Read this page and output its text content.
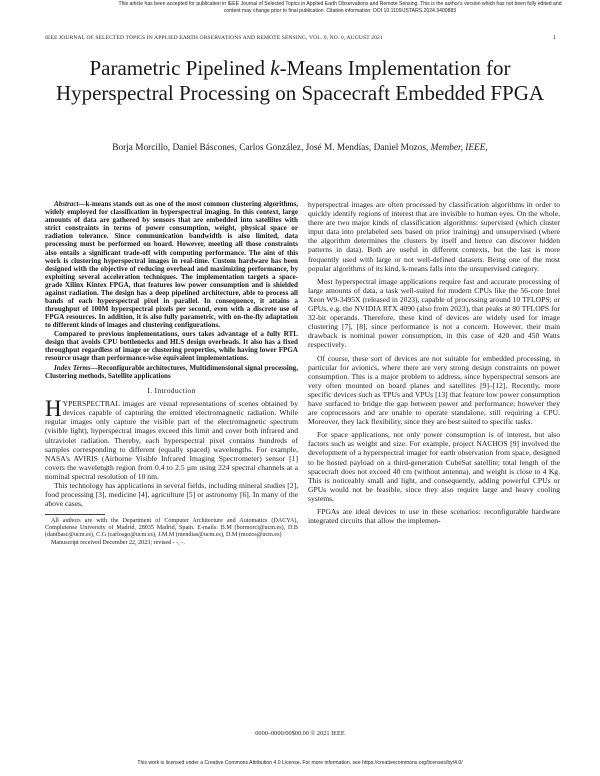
This article has been accepted for publication in IEEE Journal of Selected Topics in Applied Earth Observations and Remote Sensing. This is the author's version which has not been fully edited and
content may change prior to final publication. Citation information: DOI 10.1109/JSTARS.2024.3400883
IEEE JOURNAL OF SELECTED TOPICS IN APPLIED EARTH OBSERVATIONS AND REMOTE SENSING, VOL. 0, NO. 0, AUGUST 2021	1
Parametric Pipelined k-Means Implementation for Hyperspectral Processing on Spacecraft Embedded FPGA
Borja Morcillo, Daniel Báscones, Carlos González, José M. Mendías, Daniel Mozos, Member, IEEE,

Abstract—k-means stands out as one of the most common clustering algorithms, widely employed for classification in hyperspectral imaging. In this context, large amounts of data are gathered by sensors that are embedded into satellites with strict constraints in terms of power consumption, weight, physical space or radiation tolerance. Since communication bandwidth is also limited, data processing must be performed on board. However, meeting all those constraints also entails a significant trade-off with computing performance. The aim of this work is clustering hyperspectral images in real-time. Custom hardware has been designed with the objective of reducing overhead and maximizing performance, by exploiting several acceleration techniques. The implementation targets a space-grade Xilinx Kintex FPGA, that features low power consumption and is shielded against radiation. The design has a deep pipelined architecture, able to process all bands of each hyperspectral pixel in parallel. In consequence, it attains a throughput of 100M hyperspectral pixels per second, even with a discrete use of FPGA resources. In addition, it is also fully parametric, with on-the-fly adaptation to different kinds of images and clustering configurations.

Compared to previous implementations, ours takes advantage of a fully RTL design that avoids CPU bottlenecks and HLS design overheads. It also has a fixed throughput regardless of image or clustering properties, while having lower FPGA resource usage than performance-wise equivalent implementations.

Index Terms—Reconfigurable architectures, Multidimensional signal processing, Clustering methods, Satellite applications

I. Introduction

HYPERSPECTRAL images are visual representations of scenes obtained by devices capable of capturing the emitted electromagnetic radiation. While regular images only capture the visible part of the electromagnetic spectrum (visible light), hyperspectral images exceed this limit and cover both infrared and ultraviolet radiation. Thereby, each hyperspectral pixel contains hundreds of samples corresponding to different (equally spaced) wavelengths. For example, NASA's AVIRIS (Airborne Visible Infrared Imaging Spectrometer) sensor [1] covers the wavelength region from 0.4 to 2.5 μm using 224 spectral channels at a nominal spectral resolution of 10 nm.

This technology has applications in several fields, including mineral studies [2], food processing [3], medicine [4], agriculture [5] or astronomy [6]. In many of the above cases,

All authors are with the Department of Computer Architecture and Automatics (DACYA), Complutense University of Madrid, 28035 Madrid, Spain. E-mails: B.M (bormorci@ucm.es), D.B (danibasc@ucm.es), C.G (carlosgo@ucm.es), J.M.M (mendias@ucm.es), D.M (mozos@ucm.es)

Manuscript received December 22, 2023; revised - -, -.

hyperspectral images are often processed by classification algorithms in order to quickly identify regions of interest that are invisible to human eyes. On the whole, there are two major kinds of classification algorithms: supervised (which cluster input data into prelabeled sets based on prior training) and unsupervised (where the algorithm determines the clusters by itself and hence can discover hidden patterns in data). Both are useful in different contexts, but the last is more frequently used with large or not well-defined datasets. Being one of the most popular algorithms of its kind, k-means falls into the unsupervised category.

Most hyperspectral image applications require fast and accurate processing of large amounts of data, a task well-suited for modern CPUs like the 56-core Intel Xeon W9-3495X (released in 2023), capable of processing around 10 TFLOPS; or GPUs, e.g. the NVIDIA RTX 4090 (also from 2023), that peaks at 80 TFLOPS for 32-bit operands. Therefore, these kind of devices are widely used for image clustering [7], [8], since performance is not a concern. However, their main drawback is nominal power consumption, in this case of 420 and 450 Watts respectively.

Of course, these sort of devices are not suitable for embedded processing, in particular for avionics, where there are very strong design constraints on power consumption. This is a major problem to address, since hyperspectral sensors are very often mounted on board planes and satellites [9]–[12]. Recently, more specific devices such as TPUs and VPUs [13] that feature low power consumption have surfaced to bridge the gap between power and performance; however they are coprocessors and are unable to operate standalone, still requiring a CPU. Moreover, they lack flexibility, since they are best suited to specific tasks.

For space applications, not only power consumption is of interest, but also factors such as weight and size. For example, project NACHOS [9] involved the development of a hyperspectral imager for earth observation from space, designed to be hosted payload on a third-generation CubeSat satellite; total length of the spacecraft does not exceed 40 cm (without antenna), and weight is close to 4 Kg. This is noticeably small and light, and consequently, adding powerful CPUs or GPUs would not be feasible, since they also require large and heavy cooling systems.

FPGAs are ideal devices to use in these scenarios: reconfigurable hardware integrated circuits that allow the implemen-

0000–0000/00$00.00 © 2021 IEEE
This work is licensed under a Creative Commons Attribution 4.0 License. For more information, see https://creativecommons.org/licenses/by/4.0/
